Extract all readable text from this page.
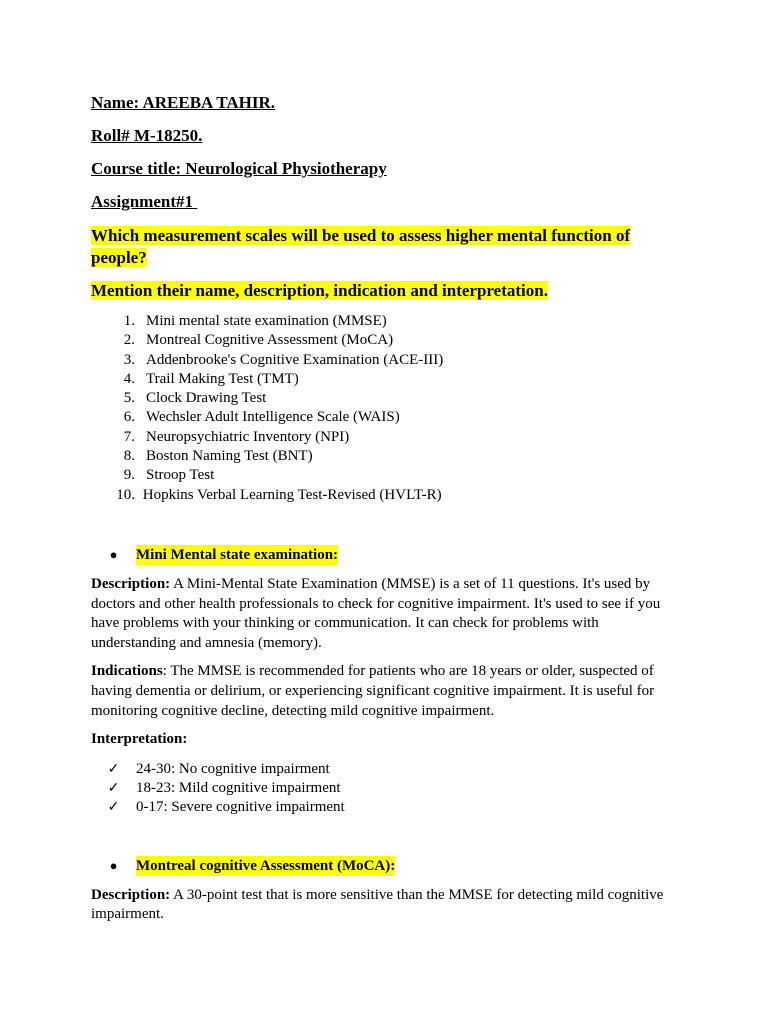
Name: AREEBA TAHIR.

Roll# M-18250.

Course title: Neurological Physiotherapy

Assignment#1

Which measurement scales will be used to assess higher mental function of people?

Mention their name, description, indication and interpretation.

1. Mini mental state examination (MMSE)
2. Montreal Cognitive Assessment (MoCA)
3. Addenbrooke's Cognitive Examination (ACE-III)
4. Trail Making Test (TMT)
5. Clock Drawing Test
6. Wechsler Adult Intelligence Scale (WAIS)
7. Neuropsychiatric Inventory (NPI)
8. Boston Naming Test (BNT)
9. Stroop Test
10. Hopkins Verbal Learning Test-Revised (HVLT-R)

●	Mini Mental state examination:

Description: A Mini-Mental State Examination (MMSE) is a set of 11 questions. It's used by doctors and other health professionals to check for cognitive impairment. It's used to see if you have problems with your thinking or communication. It can check for problems with understanding and amnesia (memory).

Indications: The MMSE is recommended for patients who are 18 years or older, suspected of having dementia or delirium, or experiencing significant cognitive impairment. It is useful for monitoring cognitive decline, detecting mild cognitive impairment.

Interpretation:

✓	24-30: No cognitive impairment
✓	18-23: Mild cognitive impairment
✓	0-17: Severe cognitive impairment

●	Montreal cognitive Assessment (MoCA):

Description: A 30-point test that is more sensitive than the MMSE for detecting mild cognitive impairment.
